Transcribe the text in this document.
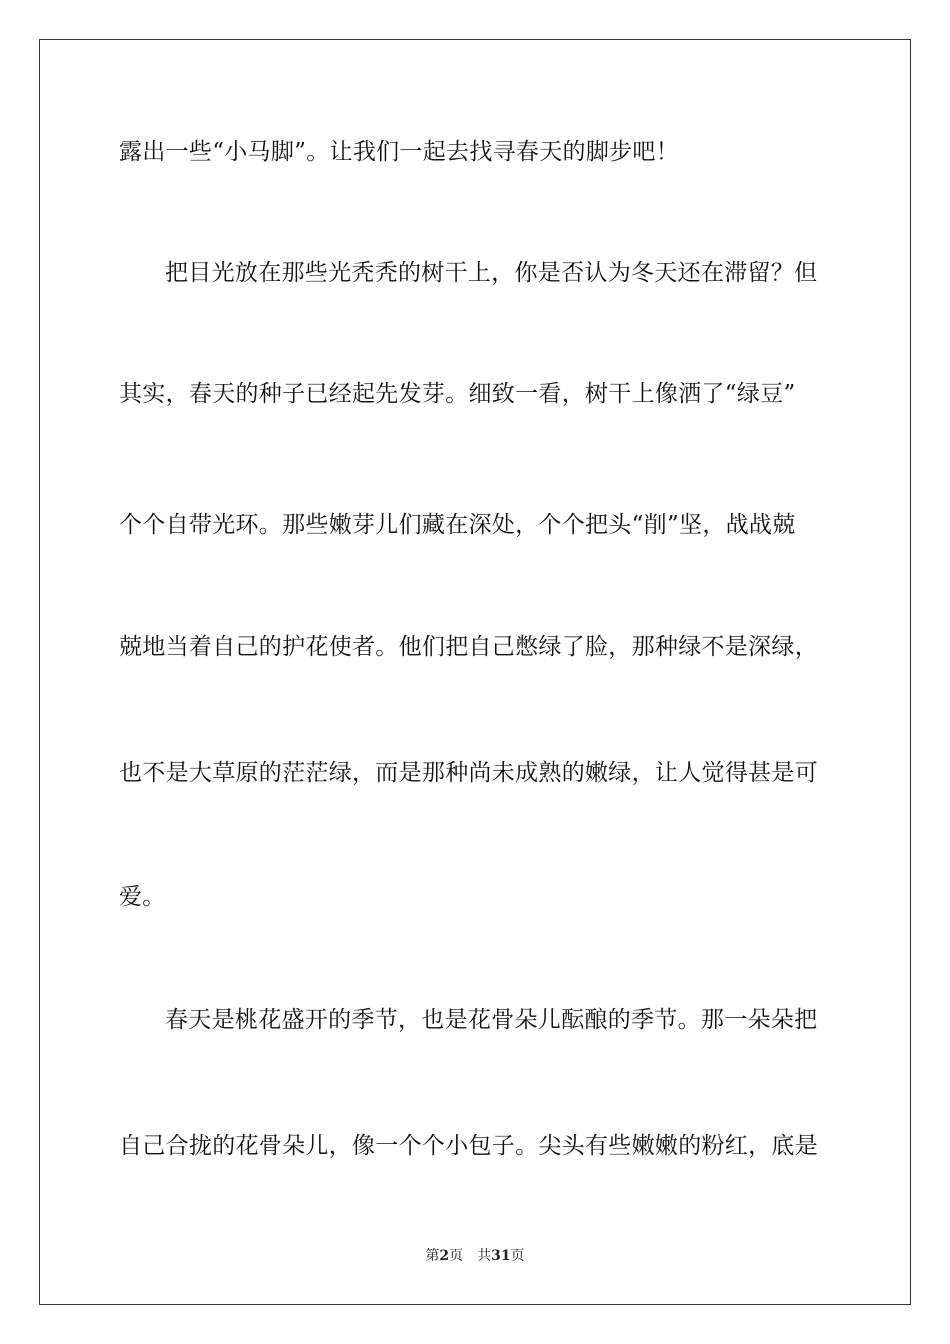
露出一些“小马脚”。让我们一起去找寻春天的脚步吧！
把目光放在那些光秃秃的树干上，你是否认为冬天还在滞留？但
其实，春天的种子已经起先发芽。细致一看，树干上像洒了“绿豆”
个个自带光环。那些嫩芽儿们藏在深处，个个把头“削”坚，战战兢
兢地当着自己的护花使者。他们把自己憋绿了脸，那种绿不是深绿，
也不是大草原的茫茫绿，而是那种尚未成熟的嫩绿，让人觉得甚是可
爱。
春天是桃花盛开的季节，也是花骨朵儿酝酿的季节。那一朵朵把
自己合拢的花骨朵儿，像一个个小包子。尖头有些嫩嫩的粉红，底是
第2页 共31页
